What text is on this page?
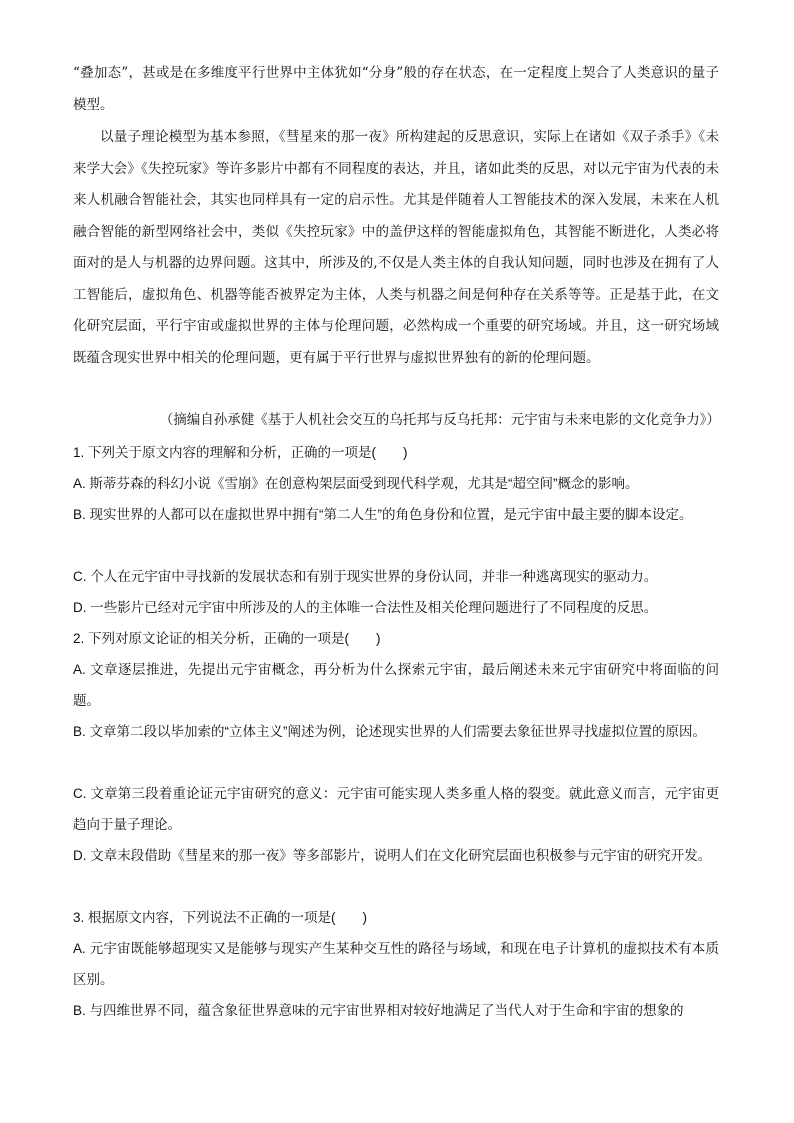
“叠加态”，甚或是在多维度平行世界中主体犹如“分身”般的存在状态，在一定程度上契合了人类意识的量子模型。
以量子理论模型为基本参照，《彗星来的那一夜》所构建起的反思意识，实际上在诸如《双子杀手》《未来学大会》《失控玩家》等许多影片中都有不同程度的表达，并且，诸如此类的反思，对以元宇宙为代表的未来人机融合智能社会，其实也同样具有一定的启示性。尤其是伴随着人工智能技术的深入发展，未来在人机融合智能的新型网络社会中，类似《失控玩家》中的盖伊这样的智能虚拟角色，其智能不断进化，人类必将面对的是人与机器的边界问题。这其中，所涉及的,不仅是人类主体的自我认知问题，同时也涉及在拥有了人工智能后，虚拟角色、机器等能否被界定为主体，人类与机器之间是何种存在关系等等。正是基于此，在文化研究层面，平行宇宙或虚拟世界的主体与伦理问题，必然构成一个重要的研究场域。并且，这一研究场域既蕴含现实世界中相关的伦理问题，更有属于平行世界与虚拟世界独有的新的伦理问题。
（摘编自孙承健《基于人机社会交互的乌托邦与反乌托邦：元宇宙与未来电影的文化竞争力》）
1. 下列关于原文内容的理解和分析，正确的一项是(　　)
A. 斯蒂芬森的科幻小说《雪崩》在创意构架层面受到现代科学观，尤其是“超空间”概念的影响。
B. 现实世界的人都可以在虚拟世界中拥有“第二人生”的角色身份和位置，是元宇宙中最主要的脚本设定。
C. 个人在元宇宙中寻找新的发展状态和有别于现实世界的身份认同，并非一种逃离现实的驱动力。
D. 一些影片已经对元宇宙中所涉及的人的主体唯一合法性及相关伦理问题进行了不同程度的反思。
2. 下列对原文论证的相关分析，正确的一项是(　　)
A. 文章逐层推进，先提出元宇宙概念，再分析为什么探索元宇宙，最后阐述未来元宇宙研究中将面临的问题。
B. 文章第二段以毕加索的“立体主义”阐述为例，论述现实世界的人们需要去象征世界寻找虚拟位置的原因。
C. 文章第三段着重论证元宇宙研究的意义：元宇宙可能实现人类多重人格的裂变。就此意义而言，元宇宙更趋向于量子理论。
D. 文章末段借助《彗星来的那一夜》等多部影片，说明人们在文化研究层面也积极参与元宇宙的研究开发。
3. 根据原文内容，下列说法不正确的一项是(　　)
A. 元宇宙既能够超现实又是能够与现实产生某种交互性的路径与场域，和现在电子计算机的虚拟技术有本质区别。
B. 与四维世界不同，蕴含象征世界意味的元宇宙世界相对较好地满足了当代人对于生命和宇宙的想象的
